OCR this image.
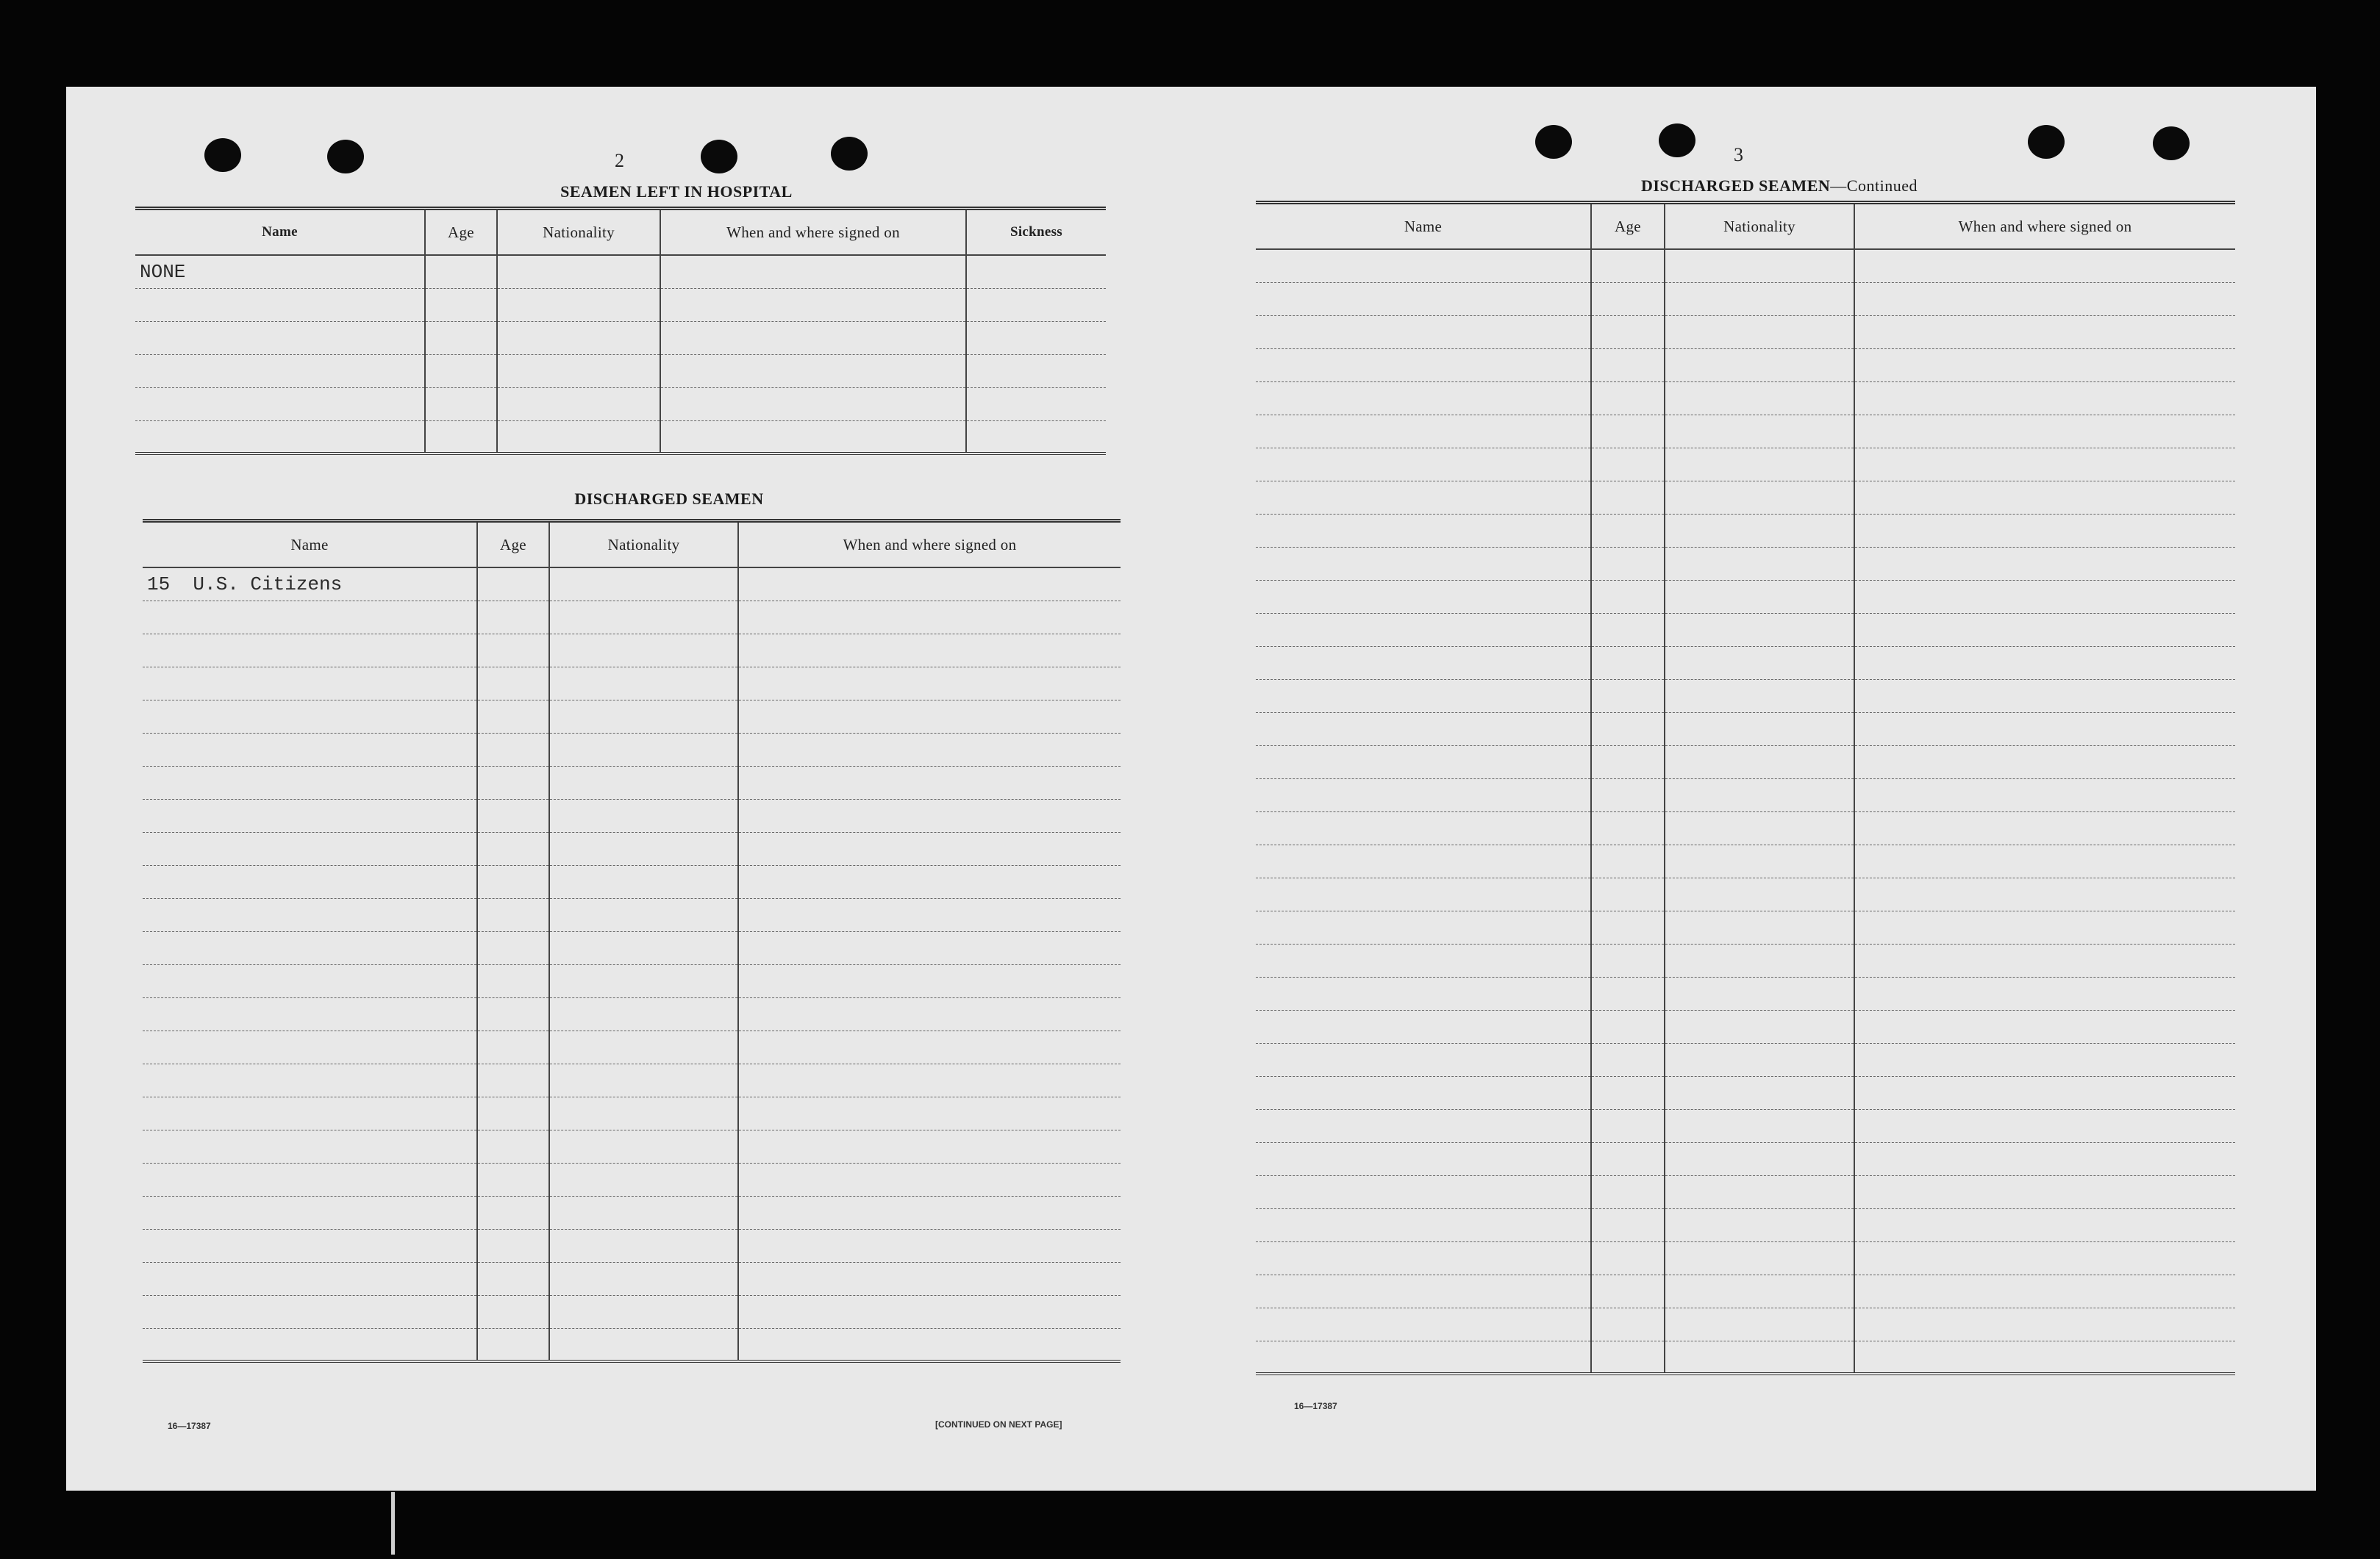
2
SEAMEN LEFT IN HOSPITAL
Name	Age	Nationality	When and where signed on	Sickness
NONE				

DISCHARGED SEAMEN
Name	Age	Nationality	When and where signed on
15  U.S. Citizens			

16—17387	[CONTINUED ON NEXT PAGE]
3
DISCHARGED SEAMEN—Continued
Name	Age	Nationality	When and where signed on

16—17387
